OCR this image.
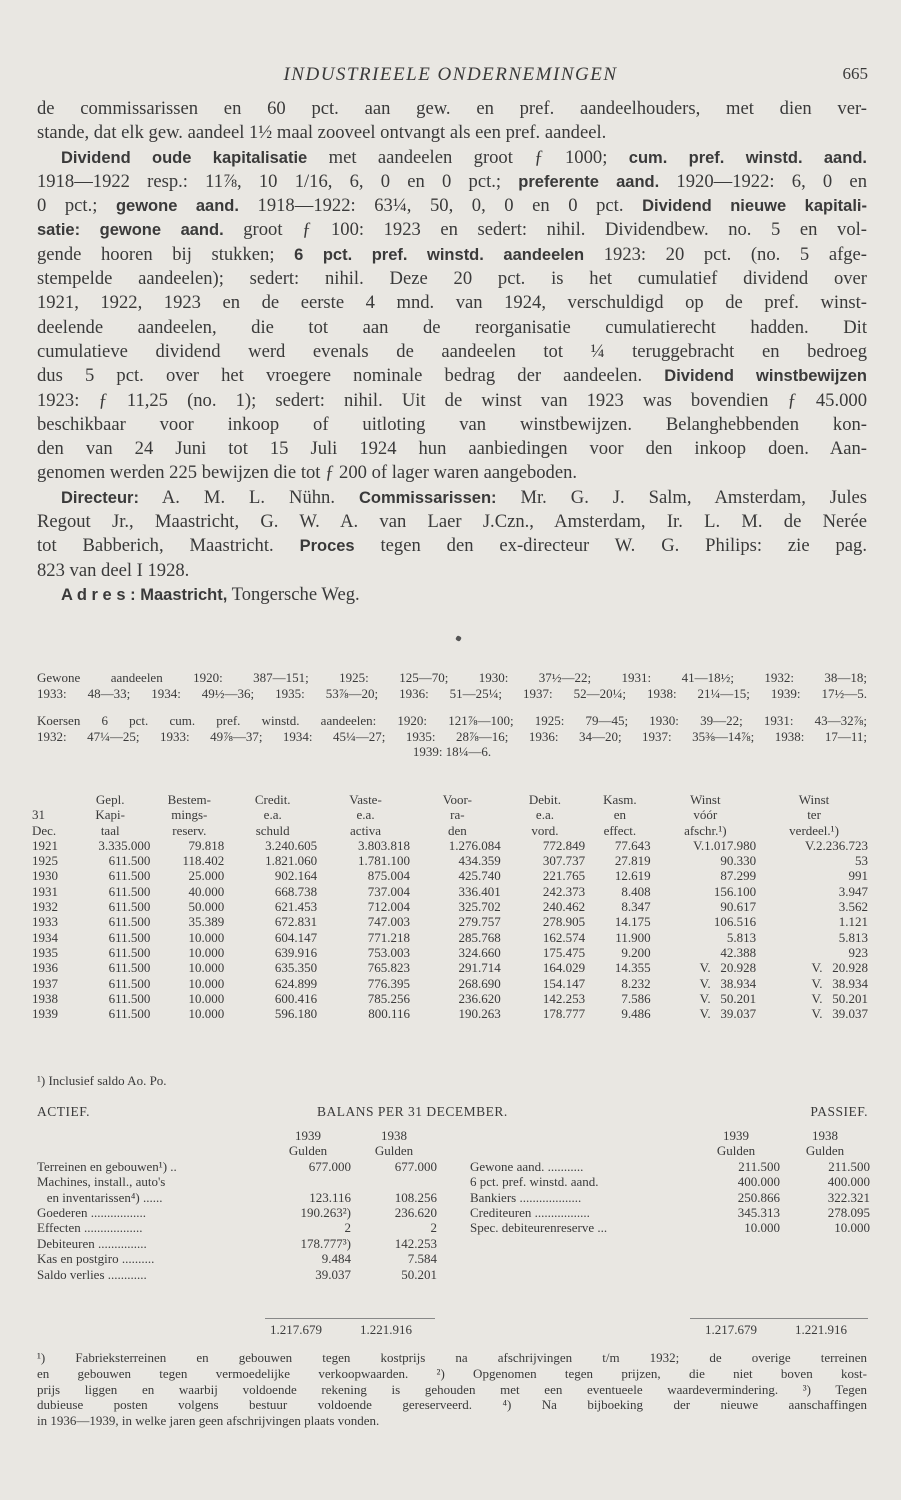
INDUSTRIEELE ONDERNEMINGEN	665
de commissarissen en 60 pct. aan gew. en pref. aandeelhouders, met dien ver-
stande, dat elk gew. aandeel 1½ maal zooveel ontvangt als een pref. aandeel.
Dividend oude kapitalisatie met aandeelen groot ƒ 1000; cum. pref. winstd. aand.
1918—1922 resp.: 11⅞, 10 1/16, 6, 0 en 0 pct.; preferente aand. 1920—1922: 6, 0 en
0 pct.; gewone aand. 1918—1922: 63¼, 50, 0, 0 en 0 pct. Dividend nieuwe kapitali-
satie: gewone aand. groot ƒ 100: 1923 en sedert: nihil. Dividendbew. no. 5 en vol-
gende hooren bij stukken; 6 pct. pref. winstd. aandeelen 1923: 20 pct. (no. 5 afge-
stempelde aandeelen); sedert: nihil. Deze 20 pct. is het cumulatief dividend over
1921, 1922, 1923 en de eerste 4 mnd. van 1924, verschuldigd op de pref. winst-
deelende aandeelen, die tot aan de reorganisatie cumulatierecht hadden. Dit
cumulatieve dividend werd evenals de aandeelen tot ¼ teruggebracht en bedroeg
dus 5 pct. over het vroegere nominale bedrag der aandeelen. Dividend winstbewijzen
1923: ƒ 11,25 (no. 1); sedert: nihil. Uit de winst van 1923 was bovendien ƒ 45.000
beschikbaar voor inkoop of uitloting van winstbewijzen. Belanghebbenden kon-
den van 24 Juni tot 15 Juli 1924 hun aanbiedingen voor den inkoop doen. Aan-
genomen werden 225 bewijzen die tot ƒ 200 of lager waren aangeboden.
Directeur: A. M. L. Nühn. Commissarissen: Mr. G. J. Salm, Amsterdam, Jules
Regout Jr., Maastricht, G. W. A. van Laer J.Czn., Amsterdam, Ir. L. M. de Nerée
tot Babberich, Maastricht. Proces tegen den ex-directeur W. G. Philips: zie pag.
823 van deel I 1928.
A d r e s : Maastricht, Tongersche Weg.
Gewone aandeelen 1920: 387—151; 1925: 125—70; 1930: 37½—22; 1931: 41—18½; 1932: 38—18;
1933: 48—33; 1934: 49½—36; 1935: 53⅞—20; 1936: 51—25¼; 1937: 52—20¼; 1938: 21¼—15; 1939: 17½—5.
Koersen 6 pct. cum. pref. winstd. aandeelen: 1920: 121⅞—100; 1925: 79—45; 1930: 39—22; 1931: 43—32⅞;
1932: 47¼—25; 1933: 49⅞—37; 1934: 45¼—27; 1935: 28⅞—16; 1936: 34—20; 1937: 35⅜—14⅞; 1938: 17—11;
1939: 18¼—6.
	Gepl.	Bestem-	Credit.	Vaste-	Voor-	Debit.	Kasm.	Winst	Winst
31	Kapi-	mings-	e.a.	e.a.	ra-	e.a.	en	vóór	ter
Dec.	taal	reserv.	schuld	activa	den	vord.	effect.	afschr.¹)	verdeel.¹)
1921	3.335.000	79.818	3.240.605	3.803.818	1.276.084	772.849	77.643	V.1.017.980	V.2.236.723
1925	611.500	118.402	1.821.060	1.781.100	434.359	307.737	27.819	90.330	53
1930	611.500	25.000	902.164	875.004	425.740	221.765	12.619	87.299	991
1931	611.500	40.000	668.738	737.004	336.401	242.373	8.408	156.100	3.947
1932	611.500	50.000	621.453	712.004	325.702	240.462	8.347	90.617	3.562
1933	611.500	35.389	672.831	747.003	279.757	278.905	14.175	106.516	1.121
1934	611.500	10.000	604.147	771.218	285.768	162.574	11.900	5.813	5.813
1935	611.500	10.000	639.916	753.003	324.660	175.475	9.200	42.388	923
1936	611.500	10.000	635.350	765.823	291.714	164.029	14.355	V.   20.928	V.   20.928
1937	611.500	10.000	624.899	776.395	268.690	154.147	8.232	V.   38.934	V.   38.934
1938	611.500	10.000	600.416	785.256	236.620	142.253	7.586	V.   50.201	V.   50.201
1939	611.500	10.000	596.180	800.116	190.263	178.777	9.486	V.   39.037	V.   39.037
¹) Inclusief saldo Ao. Po.
ACTIEF.	BALANS PER 31 DECEMBER.	PASSIEF.
	1939	1938
	Gulden	Gulden
Terreinen en gebouwen¹) ..	677.000	677.000
Machines, install., auto's		
en inventarissen⁴) ......	123.116	108.256
Goederen .................	190.263²)	236.620
Effecten ..................	2	2
Debiteuren ...............	178.777³)	142.253
Kas en postgiro ..........	9.484	7.584
Saldo verlies ............	39.037	50.201
	1939	1938
	Gulden	Gulden
Gewone aand. ...........	211.500	211.500
6 pct. pref. winstd. aand.	400.000	400.000
Bankiers ...................	250.866	322.321
Crediteuren .................	345.313	278.095
Spec. debiteurenreserve ...	10.000	10.000
1.217.679	1.221.916	1.217.679	1.221.916
¹) Fabrieksterreinen en gebouwen tegen kostprijs na afschrijvingen t/m 1932; de overige terreinen
en gebouwen tegen vermoedelijke verkoopwaarden. ²) Opgenomen tegen prijzen, die niet boven kost-
prijs liggen en waarbij voldoende rekening is gehouden met een eventueele waardevermindering. ³) Tegen
dubieuse posten volgens bestuur voldoende gereserveerd. ⁴) Na bijboeking der nieuwe aanschaffingen
in 1936—1939, in welke jaren geen afschrijvingen plaats vonden.
